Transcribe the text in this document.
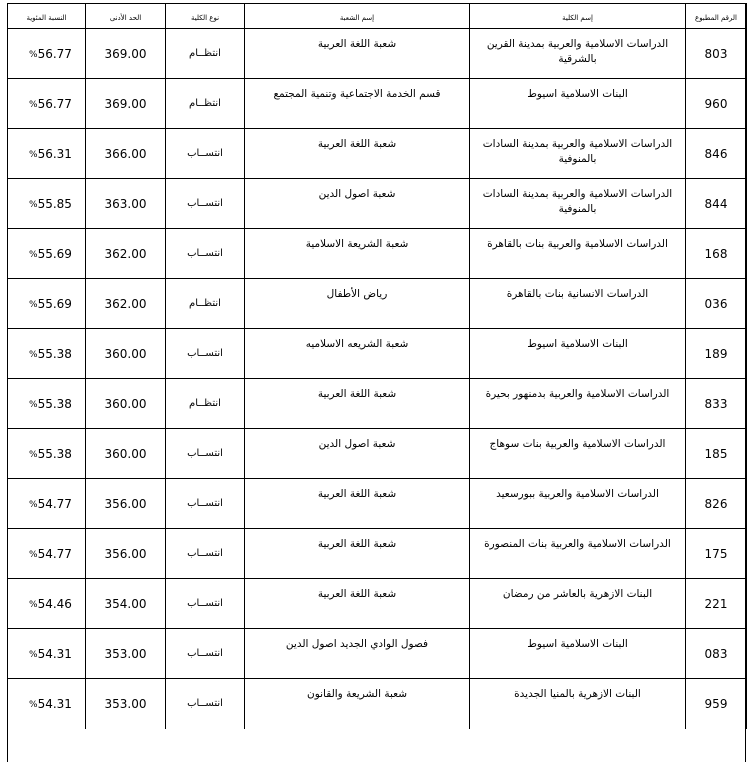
الرقم المطبوع	إسم الكلية	إسم الشعبة	نوع الكلية	الحد الأدنى	النسبة المئوية
803	الدراسات الاسلامية والعربية بمدينة القرين بالشرقية	شعبة اللغة العربية	انتظــام	369.00	% 56.77

960	البنات الاسلامية اسيوط	قسم الخدمة الاجتماعية وتنمية المجتمع	انتظــام	369.00	% 56.77

846	الدراسات الاسلامية والعربية بمدينة السادات بالمنوفية	شعبة اللغة العربية	انتســاب	366.00	% 56.31

844	الدراسات الاسلامية والعربية بمدينة السادات بالمنوفية	شعبة اصول الدين	انتســاب	363.00	% 55.85

168	الدراسات الاسلامية والعربية بنات بالقاهرة	شعبة الشريعة الاسلامية	انتســاب	362.00	% 55.69

036	الدراسات الانسانية بنات بالقاهرة	رياض الأطفال	انتظــام	362.00	% 55.69

189	البنات الاسلامية اسيوط	شعبة الشريعه الاسلاميه	انتســاب	360.00	% 55.38

833	الدراسات الاسلامية والعربية بدمنهور بحيرة	شعبة اللغة العربية	انتظــام	360.00	% 55.38

185	الدراسات الاسلامية والعربية بنات سوهاج	شعبة اصول الدين	انتســاب	360.00	% 55.38

826	الدراسات الاسلامية والعربية ببورسعيد	شعبة اللغة العربية	انتســاب	356.00	% 54.77

175	الدراسات الاسلامية والعربية بنات المنصورة	شعبة اللغة العربية	انتســاب	356.00	% 54.77

221	البنات الازهرية بالعاشر من رمضان	شعبة اللغة العربية	انتســاب	354.00	% 54.46

083	البنات الاسلامية اسيوط	فصول الوادي الجديد اصول الدين	انتســاب	353.00	% 54.31

959	البنات الازهرية بالمنيا الجديدة	شعبة الشريعة والقانون	انتســاب	353.00	% 54.31
